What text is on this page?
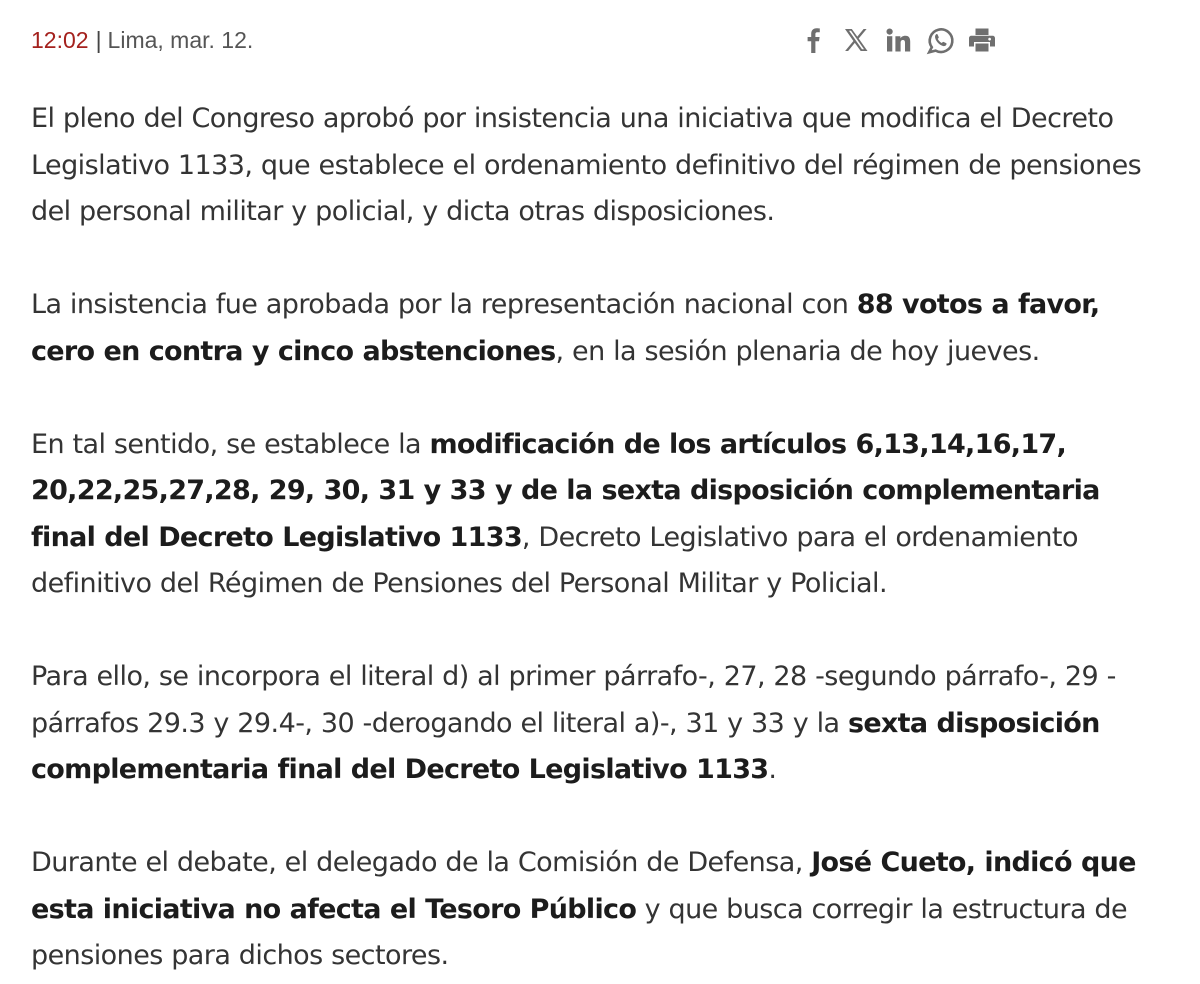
12:02 | Lima, mar. 12.

El pleno del Congreso aprobó por insistencia una iniciativa que modifica el Decreto Legislativo 1133, que establece el ordenamiento definitivo del régimen de pensiones del personal militar y policial, y dicta otras disposiciones.

La insistencia fue aprobada por la representación nacional con 88 votos a favor, cero en contra y cinco abstenciones, en la sesión plenaria de hoy jueves.

En tal sentido, se establece la modificación de los artículos 6,13,14,16,17, 20,22,25,27,28, 29, 30, 31 y 33 y de la sexta disposición complementaria final del Decreto Legislativo 1133, Decreto Legislativo para el ordenamiento definitivo del Régimen de Pensiones del Personal Militar y Policial.

Para ello, se incorpora el literal d) al primer párrafo-, 27, 28 -segundo párrafo-, 29 -párrafos 29.3 y 29.4-, 30 -derogando el literal a)-, 31 y 33 y la sexta disposición complementaria final del Decreto Legislativo 1133.

Durante el debate, el delegado de la Comisión de Defensa, José Cueto, indicó que esta iniciativa no afecta el Tesoro Público y que busca corregir la estructura de pensiones para dichos sectores.
